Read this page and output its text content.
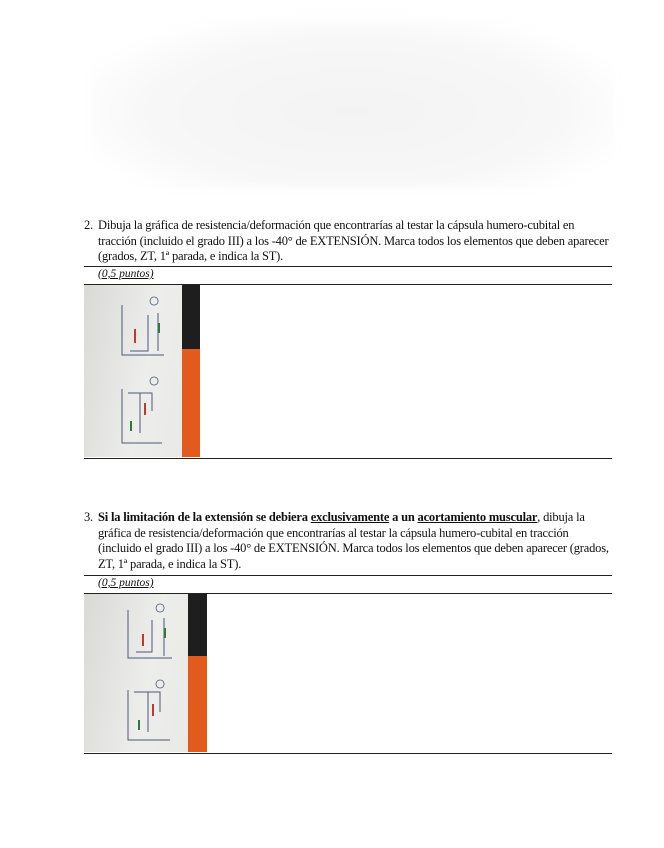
2. Dibuja la gráfica de resistencia/deformación que encontrarías al testar la cápsula humero-cubital en tracción (incluido el grado III) a los -40° de EXTENSIÓN. Marca todos los elementos que deben aparecer (grados, ZT, 1ª parada, e indica la ST).
(0,5 puntos)
3. Si la limitación de la extensión se debiera exclusivamente a un acortamiento muscular, dibuja la gráfica de resistencia/deformación que encontrarías al testar la cápsula humero-cubital en tracción (incluido el grado III) a los -40° de EXTENSIÓN. Marca todos los elementos que deben aparecer (grados, ZT, 1ª parada, e indica la ST).
(0,5 puntos)
